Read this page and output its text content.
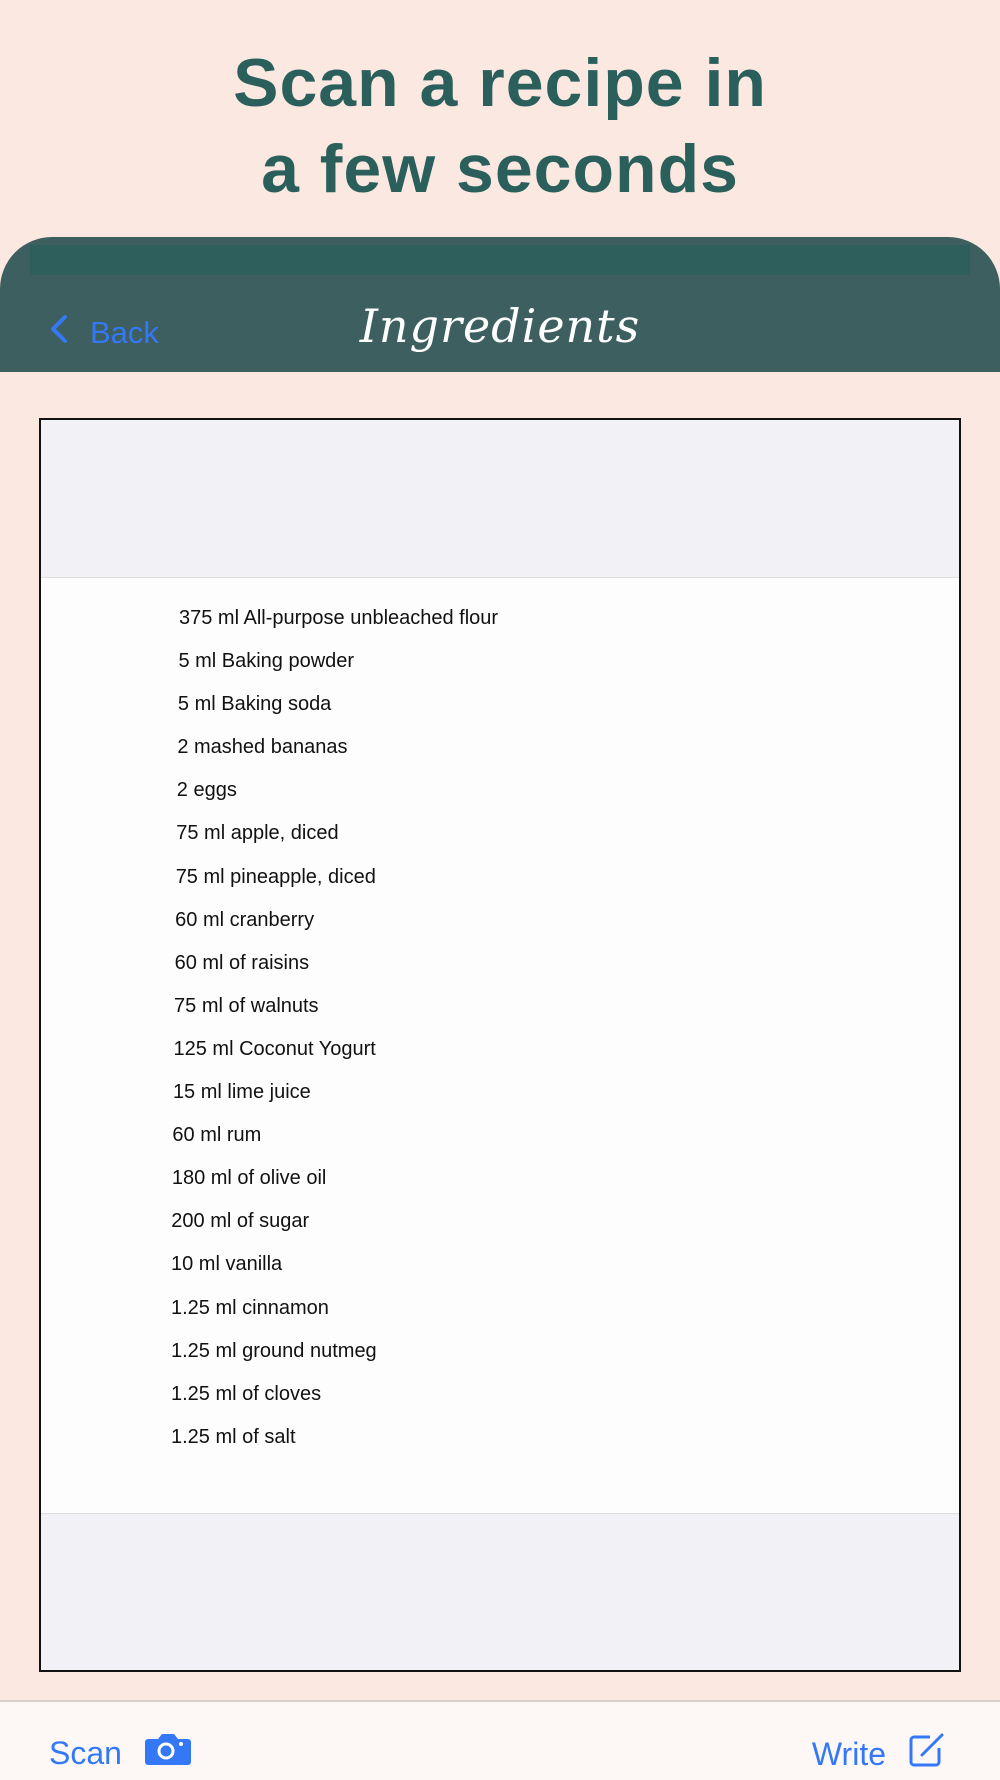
Scan a recipe in
a few seconds
Back	Ingredients
375 ml All-purpose unbleached flour
5 ml Baking powder
5 ml Baking soda
2 mashed bananas
2 eggs
75 ml apple, diced
75 ml pineapple, diced
60 ml cranberry
60 ml of raisins
75 ml of walnuts
125 ml Coconut Yogurt
15 ml lime juice
60 ml rum
180 ml of olive oil
200 ml of sugar
10 ml vanilla
1.25 ml cinnamon
1.25 ml ground nutmeg
1.25 ml of cloves
1.25 ml of salt
Scan	Write
